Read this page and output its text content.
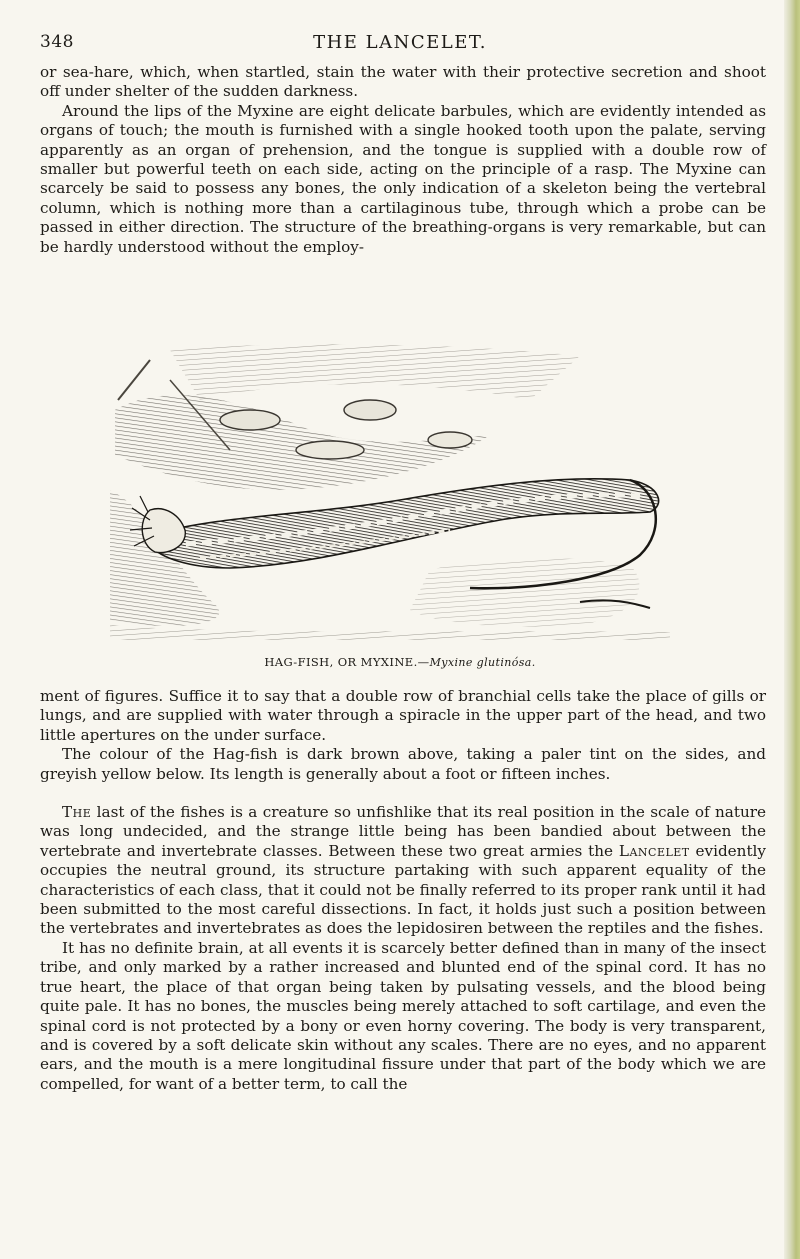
348	THE LANCELET.

or sea-hare, which, when startled, stain the water with their protective secretion and shoot off under shelter of the sudden darkness.

Around the lips of the Myxine are eight delicate barbules, which are evidently intended as organs of touch; the mouth is furnished with a single hooked tooth upon the palate, serving apparently as an organ of prehension, and the tongue is supplied with a double row of smaller but powerful teeth on each side, acting on the principle of a rasp. The Myxine can scarcely be said to possess any bones, the only indication of a skeleton being the vertebral column, which is nothing more than a cartilaginous tube, through which a probe can be passed in either direction. The structure of the breathing-organs is very remarkable, but can be hardly understood without the employ-

HAG-FISH, OR MYXINE.—Myxine glutinósa.

ment of figures. Suffice it to say that a double row of branchial cells take the place of gills or lungs, and are supplied with water through a spiracle in the upper part of the head, and two little apertures on the under surface.

The colour of the Hag-fish is dark brown above, taking a paler tint on the sides, and greyish yellow below. Its length is generally about a foot or fifteen inches.

The last of the fishes is a creature so unfishlike that its real position in the scale of nature was long undecided, and the strange little being has been bandied about between the vertebrate and invertebrate classes. Between these two great armies the Lancelet evidently occupies the neutral ground, its structure partaking with such apparent equality of the characteristics of each class, that it could not be finally referred to its proper rank until it had been submitted to the most careful dissections. In fact, it holds just such a position between the vertebrates and invertebrates as does the lepidosiren between the reptiles and the fishes.

It has no definite brain, at all events it is scarcely better defined than in many of the insect tribe, and only marked by a rather increased and blunted end of the spinal cord. It has no true heart, the place of that organ being taken by pulsating vessels, and the blood being quite pale. It has no bones, the muscles being merely attached to soft cartilage, and even the spinal cord is not protected by a bony or even horny covering. The body is very transparent, and is covered by a soft delicate skin without any scales. There are no eyes, and no apparent ears, and the mouth is a mere longitudinal fissure under that part of the body which we are compelled, for want of a better term, to call the
